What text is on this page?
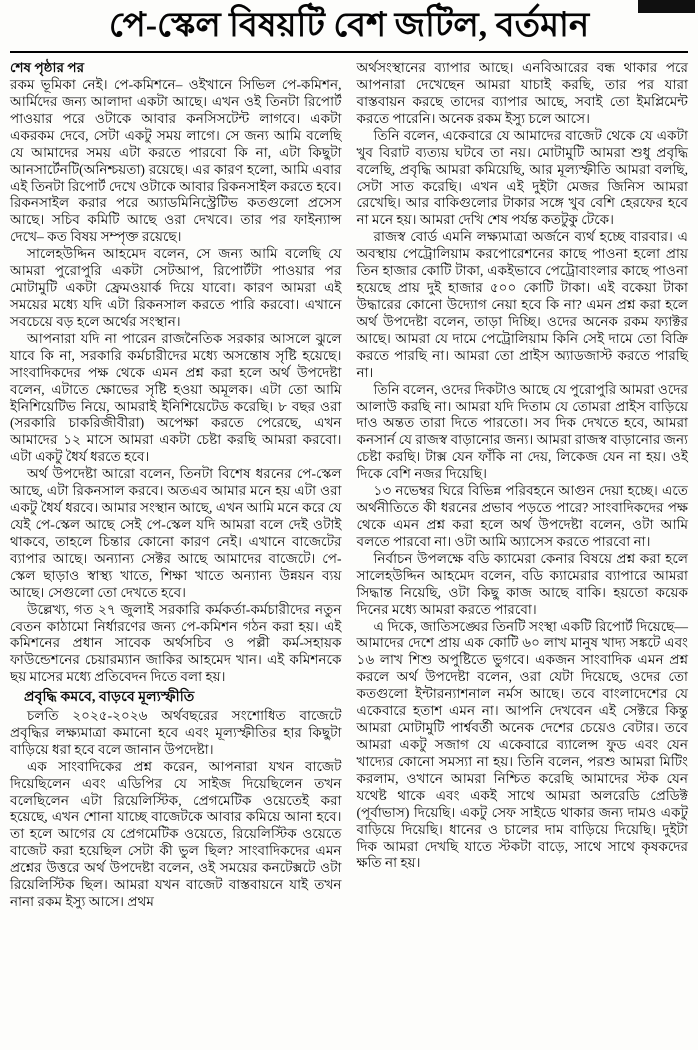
পে-স্কেল বিষয়টি বেশ জটিল, বর্তমান

শেষ পৃষ্ঠার পর

রকম ভূমিকা নেই। পে-কমিশনে– ওইখানে সিভিল পে-কমিশন, আর্মিদের জন্য আলাদা একটা আছে। এখন ওই তিনটা রিপোর্ট পাওয়ার পরে ওটাকে আবার কনসিসটেন্ট লাগবে। একটা একরকম দেবে, সেটা একটু সময় লাগে। সে জন্য আমি বলেছি যে আমাদের সময় এটা করতে পারবো কি না, এটা কিছুটা আনসার্টেনটি(অনিশ্চয়তা) রয়েছে। এর কারণ হলো, আমি এবার এই তিনটা রিপোর্ট দেখে ওটাকে আবার রিকনসাইল করতে হবে। রিকনসাইল করার পরে অ্যাডমিনিস্ট্রেটিভ কতগুলো প্রসেস আছে। সচিব কমিটি আছে ওরা দেখবে। তার পর ফাইন্যান্স দেখে– কত বিষয় সম্পৃক্ত রয়েছে।

সালেহউদ্দিন আহমেদ বলেন, সে জন্য আমি বলেছি যে আমরা পুরোপুরি একটা সেটআপ, রিপোর্টটা পাওয়ার পর মোটামুটি একটা ফ্রেমওয়ার্ক দিয়ে যাবো। কারণ আমরা এই সময়ের মধ্যে যদি এটা রিকনসাল করতে পারি করবো। এখানে সবচেয়ে বড় হলে অর্থের সংস্থান।

আপনারা যদি না পারেন রাজনৈতিক সরকার আসলে ঝুলে যাবে কি না, সরকারি কর্মচারীদের মধ্যে অসন্তোষ সৃষ্টি হয়েছে। সাংবাদিকদের পক্ষ থেকে এমন প্রশ্ন করা হলে অর্থ উপদেষ্টা বলেন, এটাতে ক্ষোভের সৃষ্টি হওয়া অমূলক। এটা তো আমি ইনিশিয়েটিভ নিয়ে, আমরাই ইনিশিয়েটেড করেছি। ৮ বছর ওরা (সরকারি চাকরিজীবীরা) অপেক্ষা করতে পেরেছে, এখন আমাদের ১২ মাসে আমরা একটা চেষ্টা করছি আমরা করবো। এটা একটু ধৈর্য ধরতে হবে।

অর্থ উপদেষ্টা আরো বলেন, তিনটা বিশেষ ধরনের পে-স্কেল আছে, এটা রিকনসাল করবে। অতএব আমার মনে হয় এটা ওরা একটু ধৈর্য ধরবে। আমার সংস্থান আছে, এখন আমি মনে করে যে যেই পে-স্কেল আছে সেই পে-স্কেল যদি আমরা বলে দেই ওটাই থাকবে, তাহলে চিন্তার কোনো কারণ নেই। এখানে বাজেটের ব্যাপার আছে। অন্যান্য সেক্টর আছে আমাদের বাজেটে। পে-স্কেল ছাড়াও স্বাস্থ্য খাতে, শিক্ষা খাতে অন্যান্য উন্নয়ন ব্যয় আছে। সেগুলো তো দেখতে হবে।

উল্লেখ্য, গত ২৭ জুলাই সরকারি কর্মকর্তা-কর্মচারীদের নতুন বেতন কাঠামো নির্ধারণের জন্য পে-কমিশন গঠন করা হয়। এই কমিশনের প্রধান সাবেক অর্থসচিব ও পল্লী কর্ম-সহায়ক ফাউন্ডেশনের চেয়ারম্যান জাকির আহমেদ খান। এই কমিশনকে ছয় মাসের মধ্যে প্রতিবেদন দিতে বলা হয়।

প্রবৃদ্ধি কমবে, বাড়বে মূল্যস্ফীতি

চলতি ২০২৫-২০২৬ অর্থবছরের সংশোধিত বাজেটে প্রবৃদ্ধির লক্ষ্যমাত্রা কমানো হবে এবং মূল্যস্ফীতির হার কিছুটা বাড়িয়ে ধরা হবে বলে জানান উপদেষ্টা।

এক সাংবাদিকের প্রশ্ন করেন, আপনারা যখন বাজেট দিয়েছিলেন এবং এডিপির যে সাইজ দিয়েছিলেন তখন বলেছিলেন এটা রিয়েলিস্টিক, প্রেগমেটিক ওয়েতেই করা হয়েছে, এখন শোনা যাচ্ছে বাজেটকে আবার কমিয়ে আনা হবে। তা হলে আগের যে প্রেগমেটিক ওয়েতে, রিয়েলিস্টিক ওয়েতে বাজেট করা হয়েছিল সেটা কী ভুল ছিল? সাংবাদিকদের এমন প্রশ্নের উত্তরে অর্থ উপদেষ্টা বলেন, ওই সময়ের কনটেক্সটে ওটা রিয়েলিস্টিক ছিল। আমরা যখন বাজেট বাস্তবায়নে যাই তখন নানা রকম ইস্যু আসে। প্রথম

অর্থসংস্থানের ব্যাপার আছে। এনবিআরের বন্ধ থাকার পরে আপনারা দেখেছেন আমরা যাচাই করছি, তার পর যারা বাস্তবায়ন করছে তাদের ব্যাপার আছে, সবাই তো ইমপ্লিমেন্ট করতে পারেনি। অনেক রকম ইস্যু চলে আসে।

তিনি বলেন, একেবারে যে আমাদের বাজেট থেকে যে একটা খুব বিরাট ব্যত্যয় ঘটবে তা নয়। মোটামুটি আমরা শুধু প্রবৃদ্ধি বলেছি, প্রবৃদ্ধি আমরা কমিয়েছি, আর মূল্যস্ফীতি আমরা বলছি, সেটা সাত করেছি। এখন এই দুইটা মেজর জিনিস আমরা রেখেছি। আর বাকিগুলোর টাকার সঙ্গে খুব বেশি হেরফের হবে না মনে হয়। আমরা দেখি শেষ পর্যন্ত কতটুকু টেকে।

রাজস্ব বোর্ড এমনি লক্ষ্যমাত্রা অর্জনে ব্যর্থ হচ্ছে বারবার। এ অবস্থায় পেট্রোলিয়াম করপোরেশনের কাছে পাওনা হলো প্রায় তিন হাজার কোটি টাকা, একইভাবে পেট্রোবাংলার কাছে পাওনা হয়েছে প্রায় দুই হাজার ৫০০ কোটি টাকা। এই বকেয়া টাকা উদ্ধারের কোনো উদ্যোগ নেয়া হবে কি না? এমন প্রশ্ন করা হলে অর্থ উপদেষ্টা বলেন, তাড়া দিচ্ছি। ওদের অনেক রকম ফ্যাক্টর আছে। আমরা যে দামে পেট্রোলিয়াম কিনি সেই দামে তো বিক্রি করতে পারছি না। আমরা তো প্রাইস অ্যাডজাস্ট করতে পারছি না।

তিনি বলেন, ওদের দিকটাও আছে যে পুরোপুরি আমরা ওদের আলাউ করছি না। আমরা যদি দিতাম যে তোমরা প্রাইস বাড়িয়ে দাও অন্তত তারা দিতে পারতো। সব দিক দেখতে হবে, আমরা কনসার্ন যে রাজস্ব বাড়ানোর জন্য। আমরা রাজস্ব বাড়ানোর জন্য চেষ্টা করছি। টাক্স যেন ফাঁকি না দেয়, লিকেজ যেন না হয়। ওই দিকে বেশি নজর দিয়েছি।

১৩ নভেম্বর ঘিরে বিভিন্ন পরিবহনে আগুন দেয়া হচ্ছে। এতে অর্থনীতিতে কী ধরনের প্রভাব পড়তে পারে? সাংবাদিকদের পক্ষ থেকে এমন প্রশ্ন করা হলে অর্থ উপদেষ্টা বলেন, ওটা আমি বলতে পারবো না। ওটা আমি অ্যাসেস করতে পারবো না।

নির্বাচন উপলক্ষে বডি ক্যামেরা কেনার বিষয়ে প্রশ্ন করা হলে সালেহউদ্দিন আহমেদ বলেন, বডি ক্যামেরার ব্যাপারে আমরা সিদ্ধান্ত নিয়েছি, ওটা কিছু কাজ আছে বাকি। হয়তো কয়েক দিনের মধ্যে আমরা করতে পারবো।

এ দিকে, জাতিসঙ্ঘের তিনটি সংস্থা একটি রিপোর্ট দিয়েছে— আমাদের দেশে প্রায় এক কোটি ৬০ লাখ মানুষ খাদ্য সঙ্কটে এবং ১৬ লাখ শিশু অপুষ্টিতে ভুগবে। একজন সাংবাদিক এমন প্রশ্ন করলে অর্থ উপদেষ্টা বলেন, ওরা যেটা দিয়েছে, ওদের তো কতগুলো ইন্টারন্যাশনাল নর্মস আছে। তবে বাংলাদেশের যে একেবারে হতাশ এমন না। আপনি দেখবেন এই সেক্টরে কিন্তু আমরা মোটামুটি পার্শ্ববর্তী অনেক দেশের চেয়েও বেটার। তবে আমরা একটু সজাগ যে একেবারে ব্যালেন্স ফুড এবং যেন খাদ্যের কোনো সমস্যা না হয়। তিনি বলেন, পরশু আমরা মিটিং করলাম, ওখানে আমরা নিশ্চিত করেছি আমাদের স্টক যেন যথেষ্ট থাকে এবং একই সাথে আমরা অলরেডি প্রেডিক্ট (পূর্বাভাস) দিয়েছি। একটু সেফ সাইডে থাকার জন্য দামও একটু বাড়িয়ে দিয়েছি। ধানের ও চালের দাম বাড়িয়ে দিয়েছি। দুইটা দিক আমরা দেখছি যাতে স্টকটা বাড়ে, সাথে সাথে কৃষকদের ক্ষতি না হয়।
